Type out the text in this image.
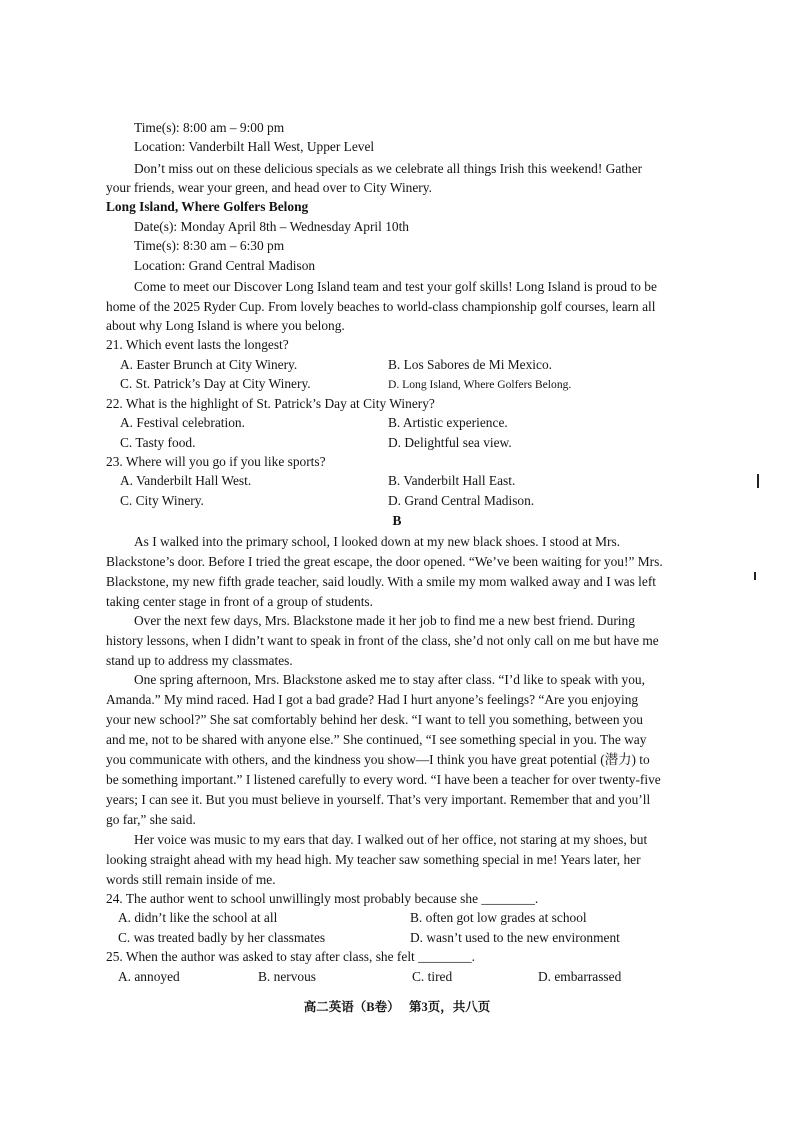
Time(s): 8:00 am – 9:00 pm
Location: Vanderbilt Hall West, Upper Level
Don’t miss out on these delicious specials as we celebrate all things Irish this weekend! Gather
your friends, wear your green, and head over to City Winery.
Long Island, Where Golfers Belong
Date(s): Monday April 8th – Wednesday April 10th
Time(s): 8:30 am – 6:30 pm
Location: Grand Central Madison
Come to meet our Discover Long Island team and test your golf skills! Long Island is proud to be
home of the 2025 Ryder Cup. From lovely beaches to world-class championship golf courses, learn all
about why Long Island is where you belong.
21. Which event lasts the longest?
A. Easter Brunch at City Winery.	B. Los Sabores de Mi Mexico.
C. St. Patrick’s Day at City Winery.	D. Long Island, Where Golfers Belong.
22. What is the highlight of St. Patrick’s Day at City Winery?
A. Festival celebration.	B. Artistic experience.
C. Tasty food.	D. Delightful sea view.
23. Where will you go if you like sports?
A. Vanderbilt Hall West.	B. Vanderbilt Hall East.
C. City Winery.	D. Grand Central Madison.
B
As I walked into the primary school, I looked down at my new black shoes. I stood at Mrs.
Blackstone’s door. Before I tried the great escape, the door opened. “We’ve been waiting for you!” Mrs.
Blackstone, my new fifth grade teacher, said loudly. With a smile my mom walked away and I was left
taking center stage in front of a group of students.
Over the next few days, Mrs. Blackstone made it her job to find me a new best friend. During
history lessons, when I didn’t want to speak in front of the class, she’d not only call on me but have me
stand up to address my classmates.
One spring afternoon, Mrs. Blackstone asked me to stay after class. “I’d like to speak with you,
Amanda.” My mind raced. Had I got a bad grade? Had I hurt anyone’s feelings? “Are you enjoying
your new school?” She sat comfortably behind her desk. “I want to tell you something, between you
and me, not to be shared with anyone else.” She continued, “I see something special in you. The way
you communicate with others, and the kindness you show—I think you have great potential (潜力) to
be something important.” I listened carefully to every word. “I have been a teacher for over twenty-five
years; I can see it. But you must believe in yourself. That’s very important. Remember that and you’ll
go far,” she said.
Her voice was music to my ears that day. I walked out of her office, not staring at my shoes, but
looking straight ahead with my head high. My teacher saw something special in me! Years later, her
words still remain inside of me.
24. The author went to school unwillingly most probably because she ________.
A. didn’t like the school at all	B. often got low grades at school
C. was treated badly by her classmates	D. wasn’t used to the new environment
25. When the author was asked to stay after class, she felt ________.
A. annoyed	B. nervous	C. tired	D. embarrassed
高二英语（B卷）   第3页，共八页
